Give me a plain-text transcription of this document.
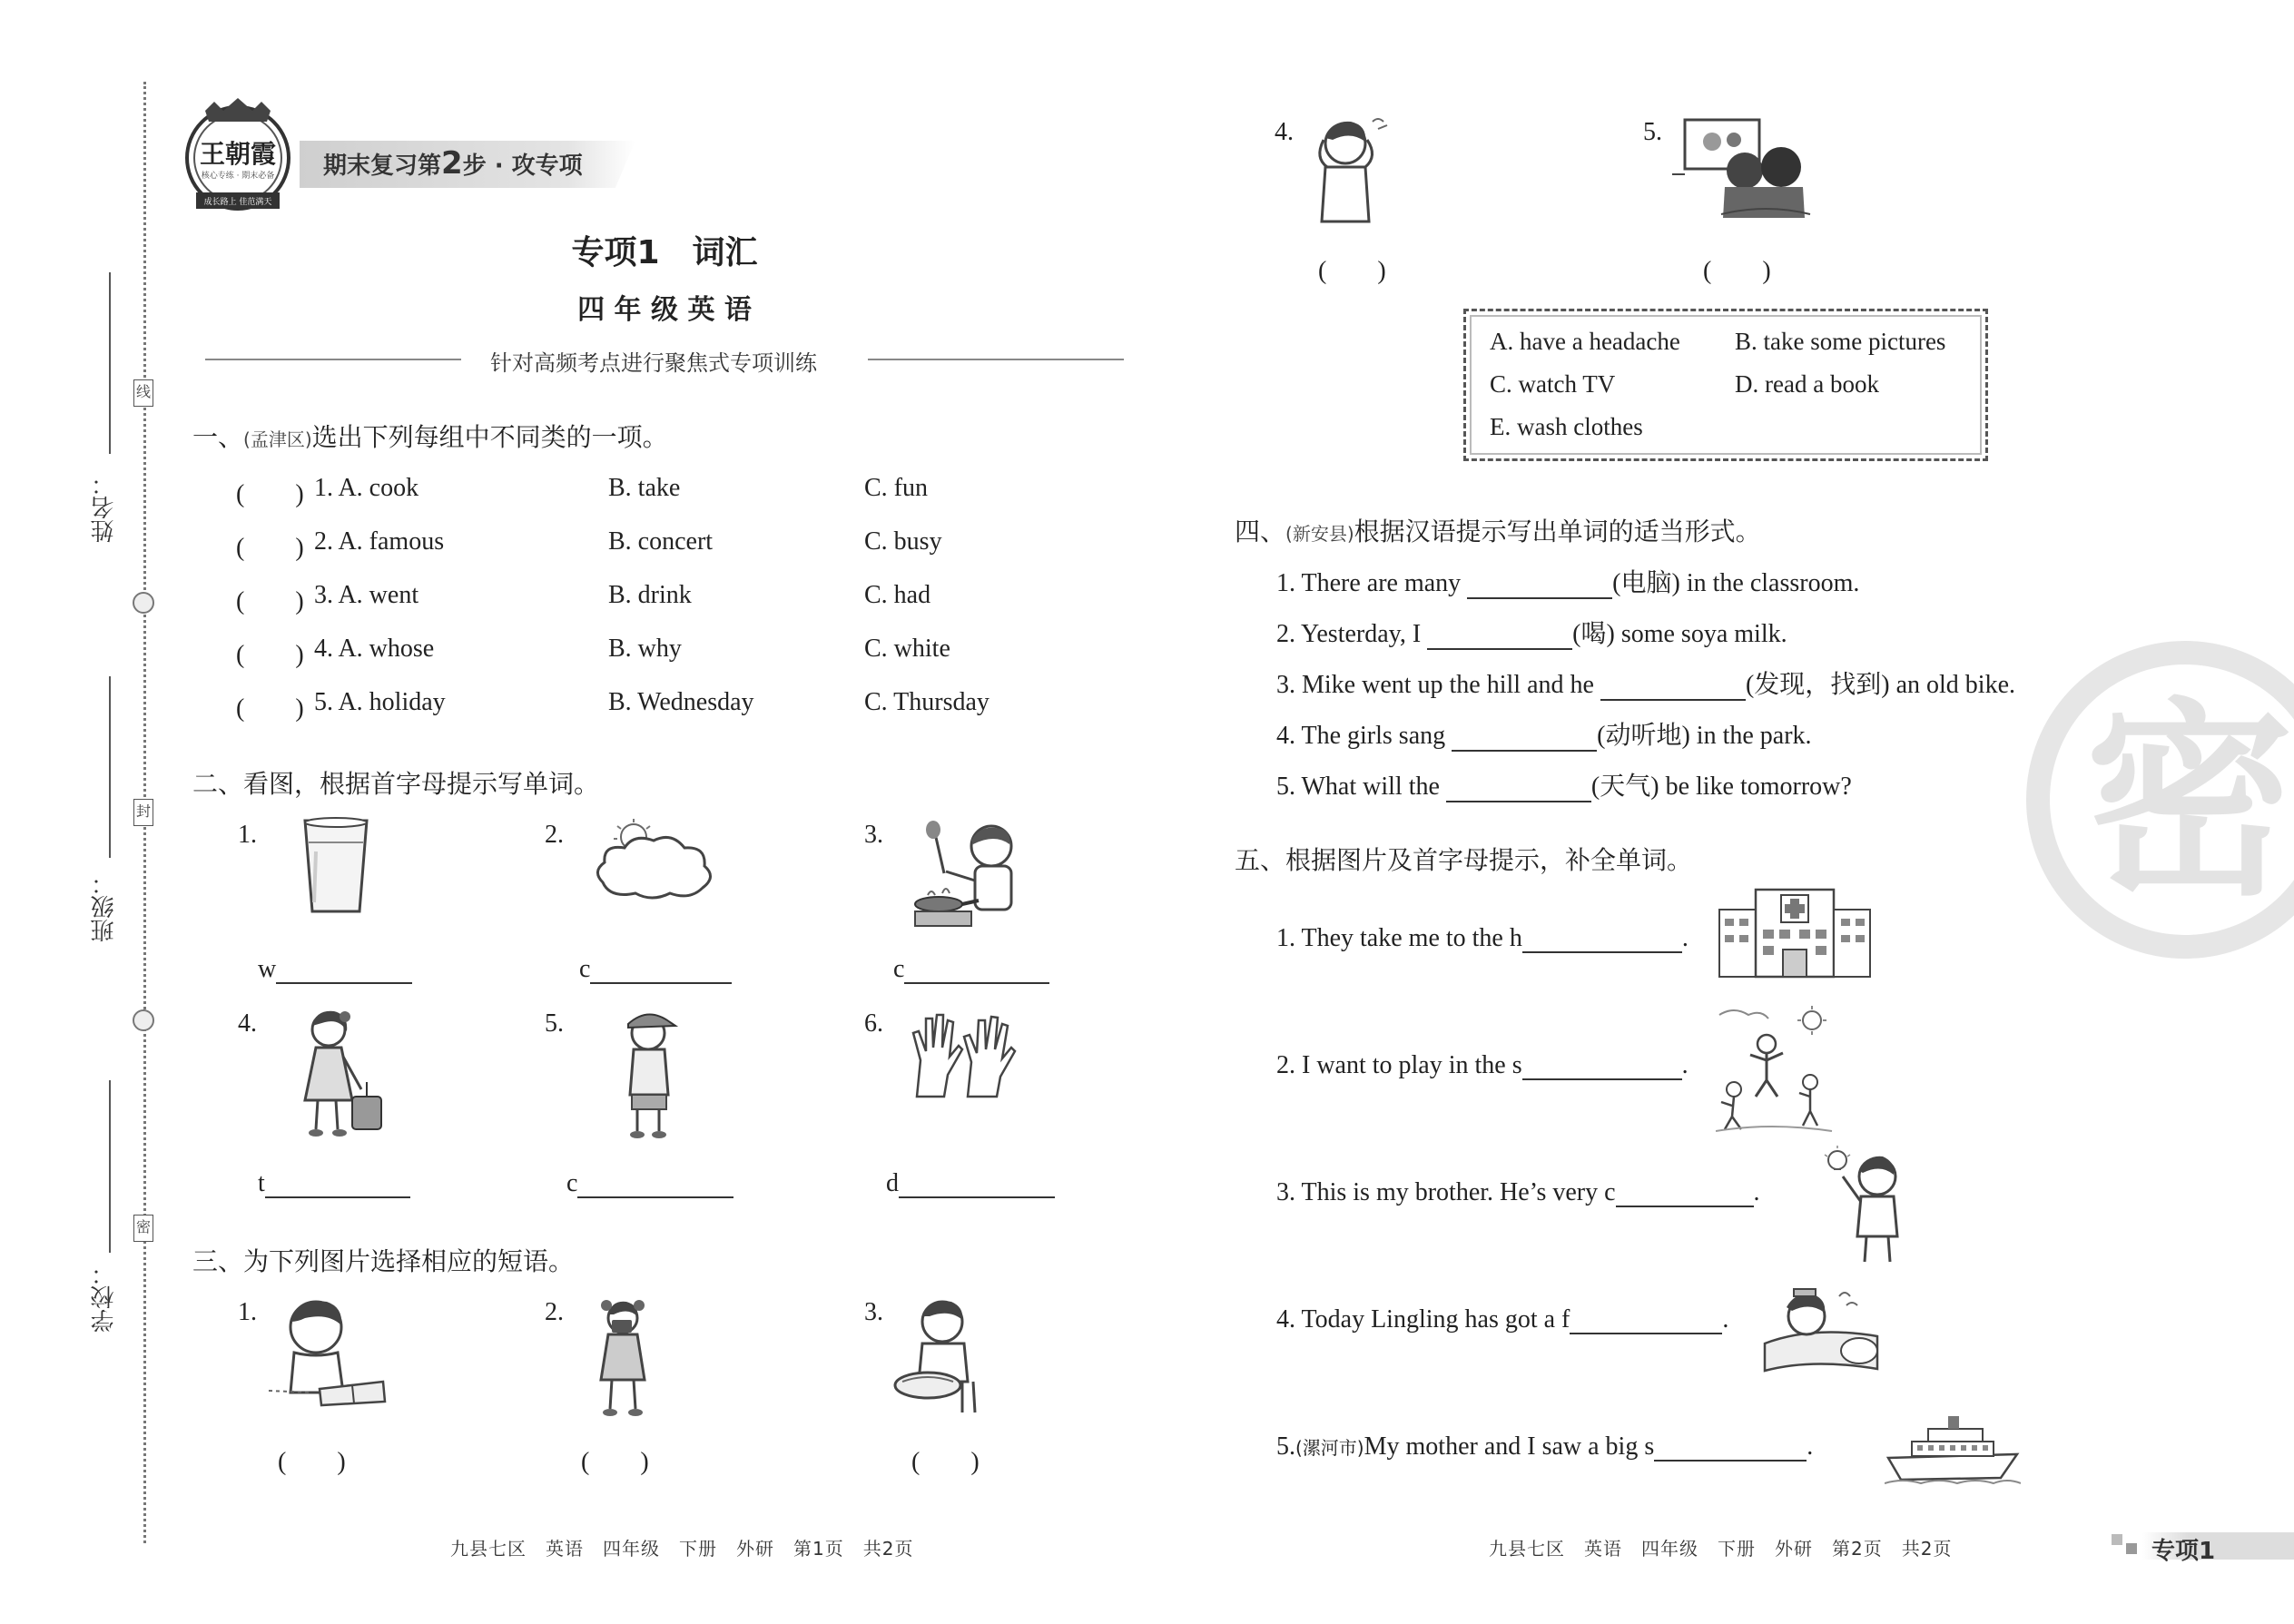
姓名：
班级：
学校：
线
封
密
王朝霞
核心专练 · 期末必备
成长路上 佳范满天
期末复习第2步 · 攻专项
专项1　词汇
四 年 级 英 语
针对高频考点进行聚焦式专项训练
一、(孟津区)选出下列每组中不同类的一项。
(　　) 1. A. cook	B. take	C. fun
(　　) 2. A. famous	B. concert	C. busy
(　　) 3. A. went	B. drink	C. had
(　　) 4. A. whose	B. why	C. white
(　　) 5. A. holiday	B. Wednesday	C. Thursday
二、看图，根据首字母提示写单词。
1.
w
2.
c
3.
c
4.
t
5.
c
6.
d
三、为下列图片选择相应的短语。
1.
(　　)
2.
(　　)
3.
(　　)
4.
(　　)
5.
(　　)
A. have a headache B. take some pictures
C. watch TV	D. read a book
E. wash clothes
四、(新安县)根据汉语提示写出单词的适当形式。
1. There are many	(电脑) in the classroom.
2. Yesterday, I	(喝) some soya milk.
3. Mike went up the hill and he	(发现，找到) an old bike.
4. The girls sang	(动听地) in the park.
5. What will the	(天气) be like tomorrow?
五、根据图片及首字母提示，补全单词。
1. They take me to the h	.
2. I want to play in the s	.
3. This is my brother. He’s very c	.
4. Today Lingling has got a f	.
5.(漯河市)My mother and I saw a big s	.
密
九县七区　英语　四年级　下册　外研　第1页　共2页	九县七区　英语　四年级　下册　外研　第2页　共2页	专项1
